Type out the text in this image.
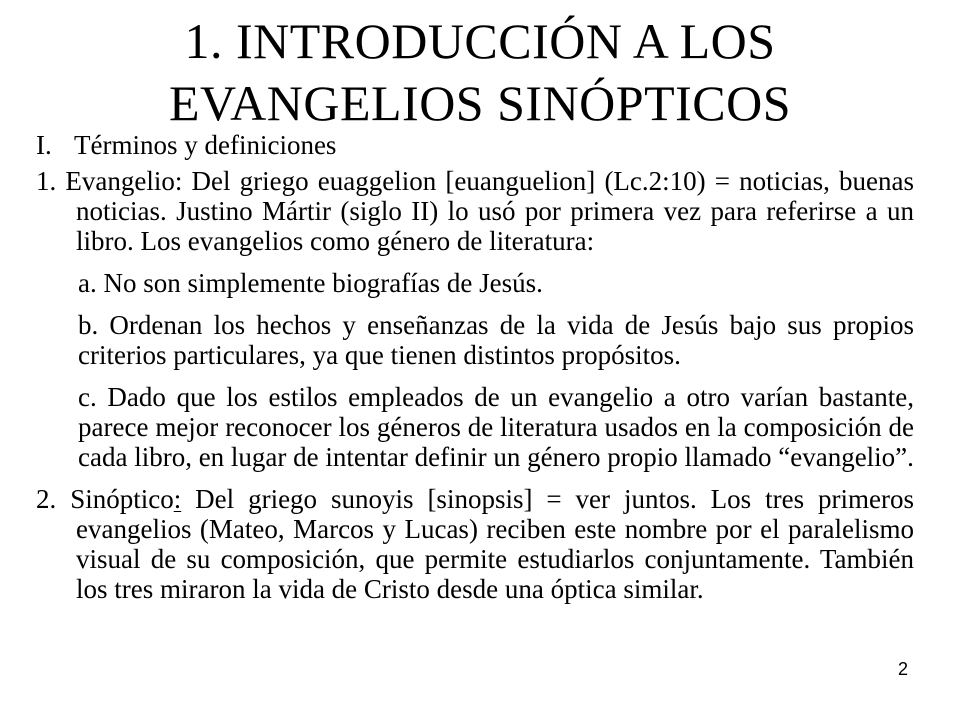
1. INTRODUCCIÓN A LOS
EVANGELIOS SINÓPTICOS
I. Términos y definiciones
1. Evangelio: Del griego euaggelion [euanguelion] (Lc.2:10) = noticias, buenas noticias. Justino Mártir (siglo II) lo usó por primera vez para referirse a un libro. Los evangelios como género de literatura:
a. No son simplemente biografías de Jesús.
b. Ordenan los hechos y enseñanzas de la vida de Jesús bajo sus propios criterios particulares, ya que tienen distintos propósitos.
c. Dado que los estilos empleados de un evangelio a otro varían bastante, parece mejor reconocer los géneros de literatura usados en la composición de cada libro, en lugar de intentar definir un género propio llamado “evangelio”.
2. Sinóptico: Del griego sunoyis [sinopsis] = ver juntos. Los tres primeros evangelios (Mateo, Marcos y Lucas) reciben este nombre por el paralelismo visual de su composición, que permite estudiarlos conjuntamente. También los tres miraron la vida de Cristo desde una óptica similar.
2
